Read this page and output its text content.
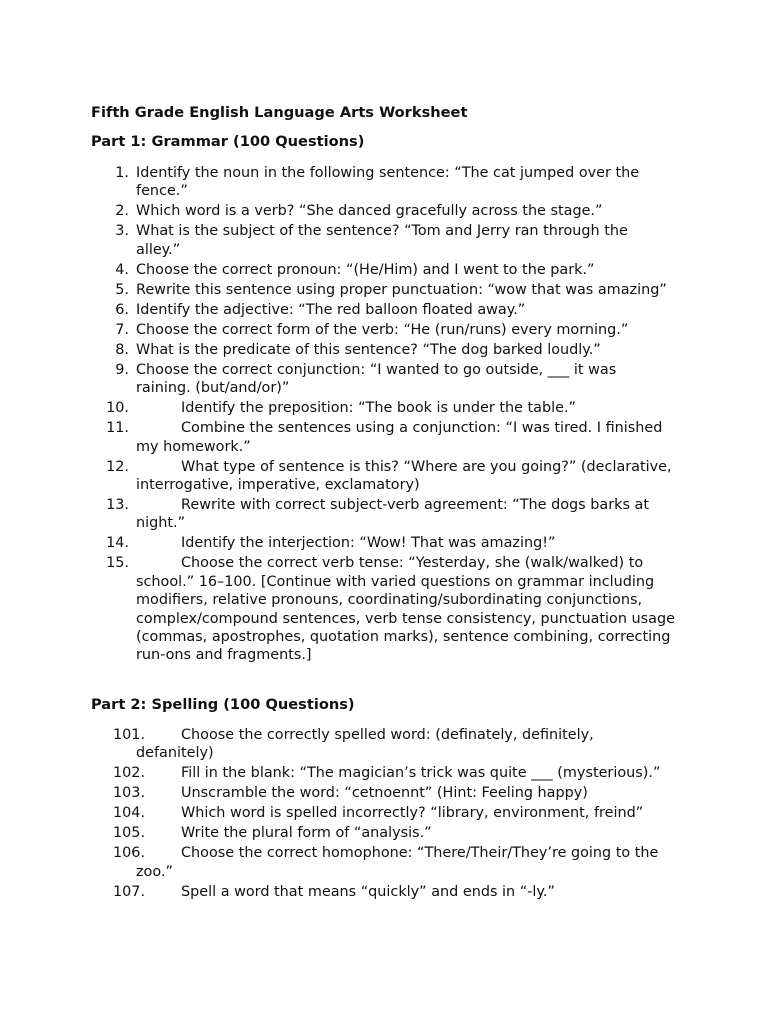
Fifth Grade English Language Arts Worksheet
Part 1: Grammar (100 Questions)
1. Identify the noun in the following sentence: “The cat jumped over the fence.”
2. Which word is a verb? “She danced gracefully across the stage.”
3. What is the subject of the sentence? “Tom and Jerry ran through the alley.”
4. Choose the correct pronoun: “(He/Him) and I went to the park.”
5. Rewrite this sentence using proper punctuation: “wow that was amazing”
6. Identify the adjective: “The red balloon floated away.”
7. Choose the correct form of the verb: “He (run/runs) every morning.”
8. What is the predicate of this sentence? “The dog barked loudly.”
9. Choose the correct conjunction: “I wanted to go outside, ___ it was raining. (but/and/or)”
10.	Identify the preposition: “The book is under the table.”
11.	Combine the sentences using a conjunction: “I was tired. I finished my homework.”
12.	What type of sentence is this? “Where are you going?” (declarative, interrogative, imperative, exclamatory)
13.	Rewrite with correct subject-verb agreement: “The dogs barks at night.”
14.	Identify the interjection: “Wow! That was amazing!”
15.	Choose the correct verb tense: “Yesterday, she (walk/walked) to school.” 16–100. [Continue with varied questions on grammar including modifiers, relative pronouns, coordinating/subordinating conjunctions, complex/compound sentences, verb tense consistency, punctuation usage (commas, apostrophes, quotation marks), sentence combining, correcting run-ons and fragments.]
Part 2: Spelling (100 Questions)
101.	Choose the correctly spelled word: (definately, definitely, defanitely)
102.	Fill in the blank: “The magician’s trick was quite ___ (mysterious).”
103.	Unscramble the word: “cetnoennt” (Hint: Feeling happy)
104.	Which word is spelled incorrectly? “library, environment, freind”
105.	Write the plural form of “analysis.”
106.	Choose the correct homophone: “There/Their/They’re going to the zoo.”
107.	Spell a word that means “quickly” and ends in “-ly.”
